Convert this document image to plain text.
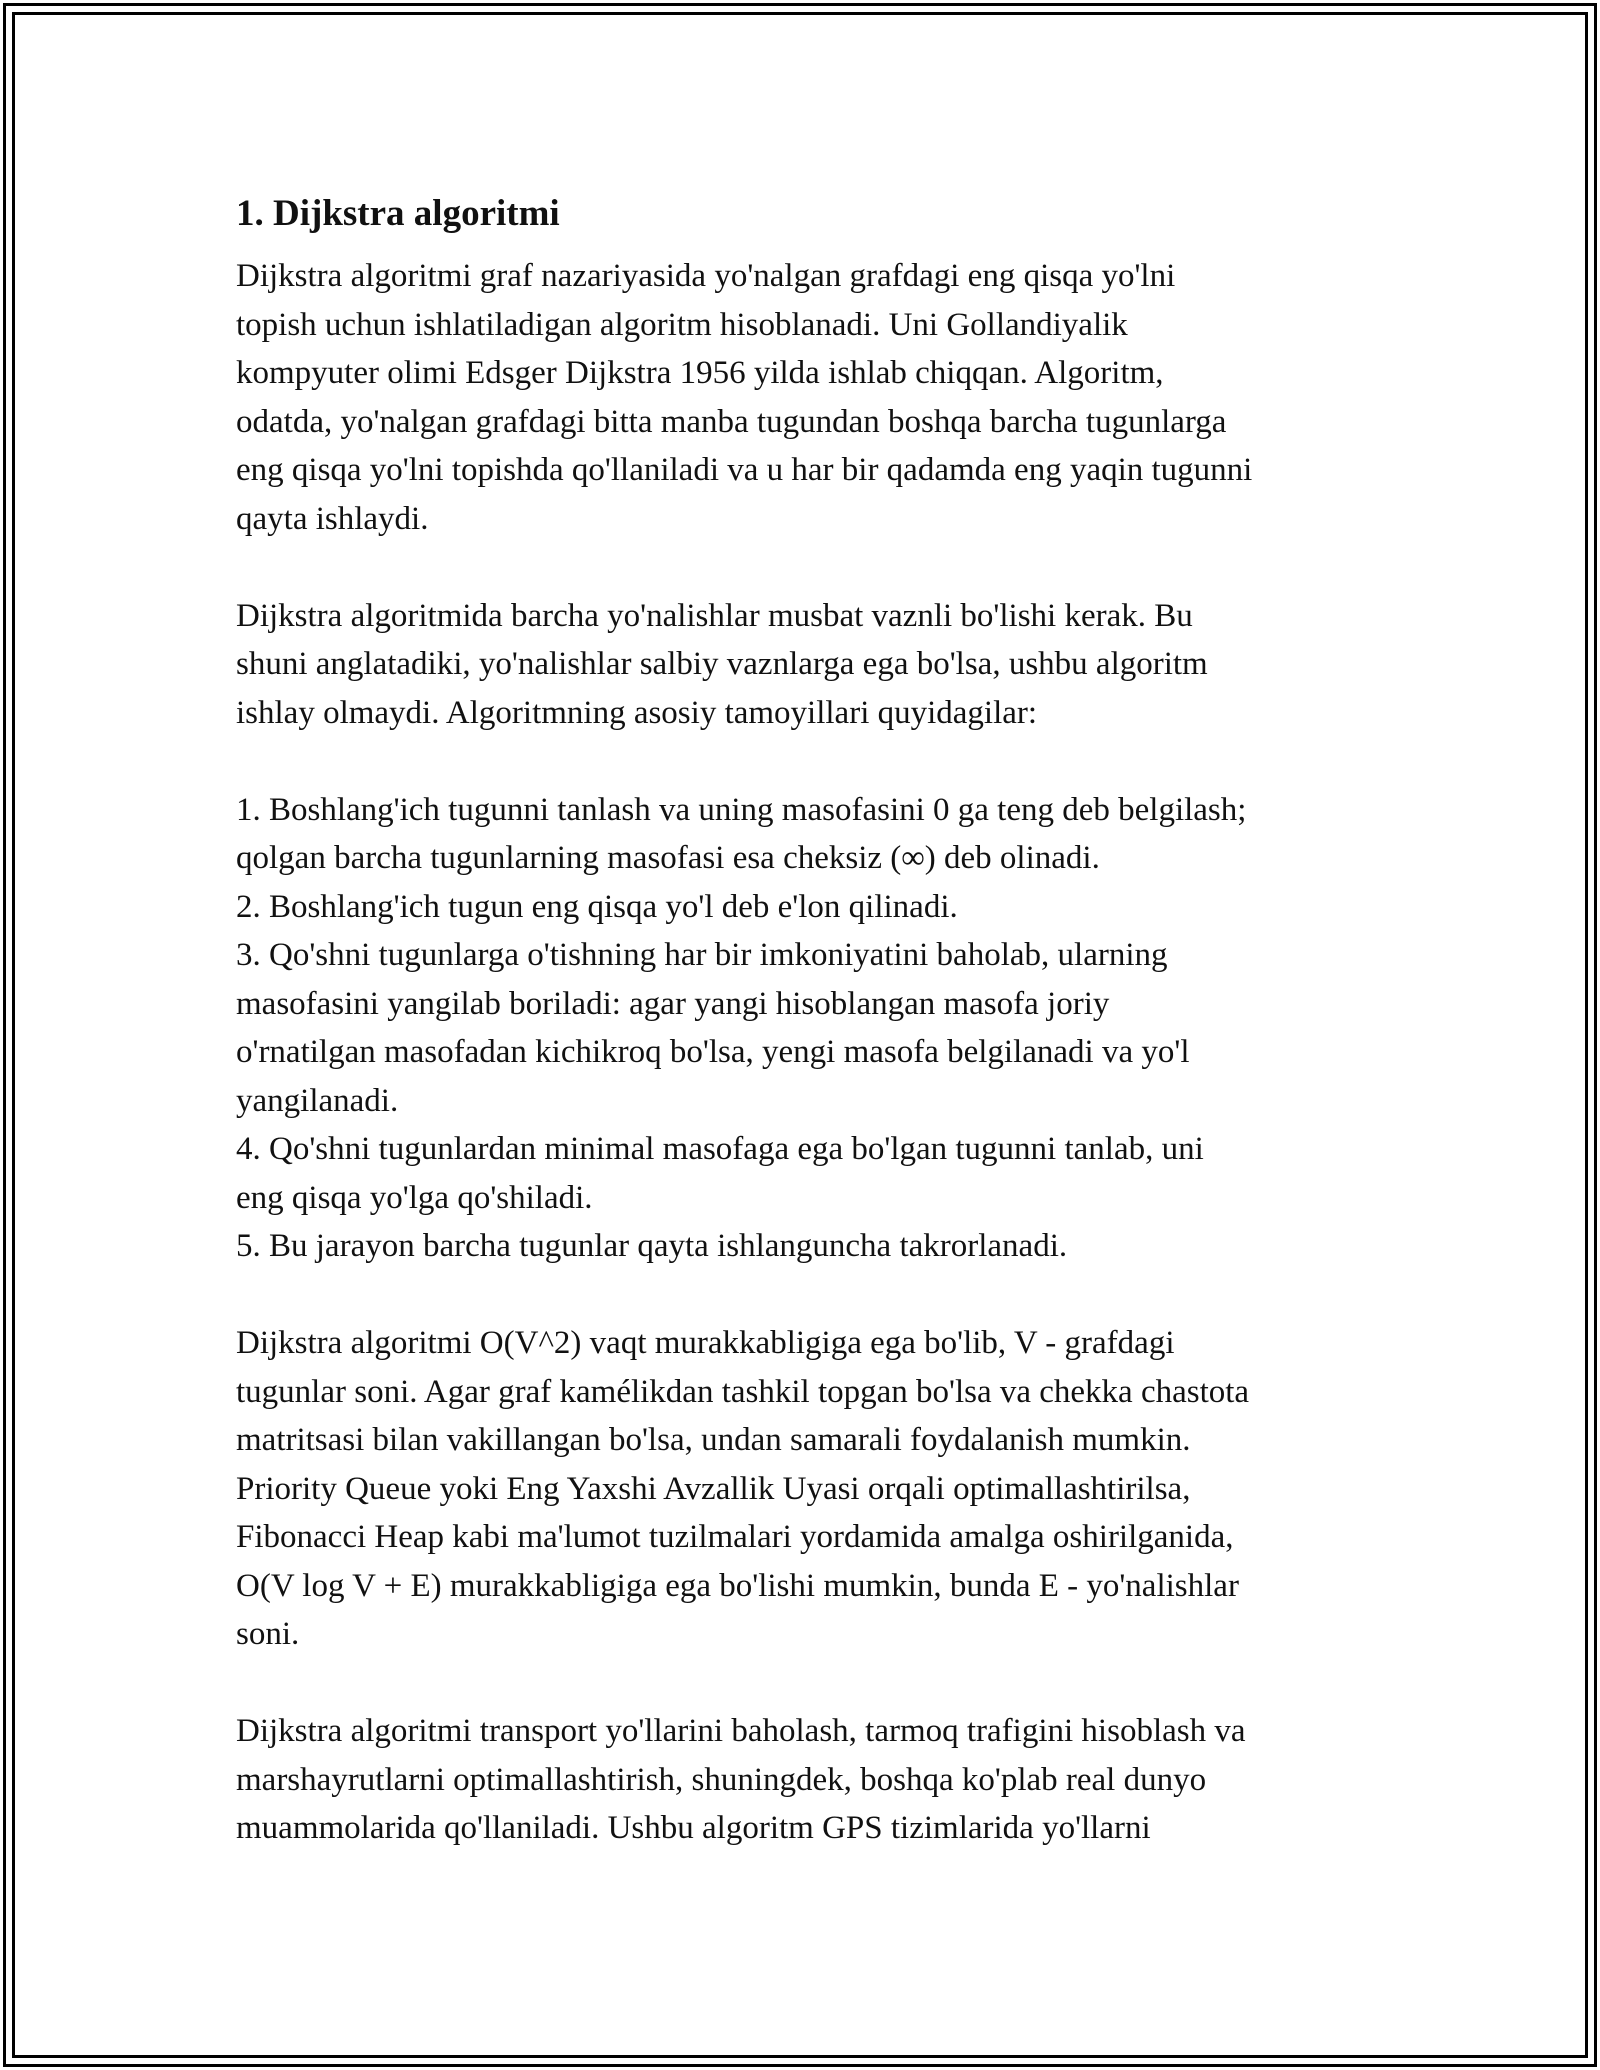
1. Dijkstra algoritmi

Dijkstra algoritmi graf nazariyasida yo'nalgan grafdagi eng qisqa yo'lni
topish uchun ishlatiladigan algoritm hisoblanadi. Uni Gollandiyalik
kompyuter olimi Edsger Dijkstra 1956 yilda ishlab chiqqan. Algoritm,
odatda, yo'nalgan grafdagi bitta manba tugundan boshqa barcha tugunlarga
eng qisqa yo'lni topishda qo'llaniladi va u har bir qadamda eng yaqin tugunni
qayta ishlaydi.

Dijkstra algoritmida barcha yo'nalishlar musbat vaznli bo'lishi kerak. Bu
shuni anglatadiki, yo'nalishlar salbiy vaznlarga ega bo'lsa, ushbu algoritm
ishlay olmaydi. Algoritmning asosiy tamoyillari quyidagilar:

1. Boshlang'ich tugunni tanlash va uning masofasini 0 ga teng deb belgilash;
qolgan barcha tugunlarning masofasi esa cheksiz (∞) deb olinadi.
2. Boshlang'ich tugun eng qisqa yo'l deb e'lon qilinadi.
3. Qo'shni tugunlarga o'tishning har bir imkoniyatini baholab, ularning
masofasini yangilab boriladi: agar yangi hisoblangan masofa joriy
o'rnatilgan masofadan kichikroq bo'lsa, yengi masofa belgilanadi va yo'l
yangilanadi.
4. Qo'shni tugunlardan minimal masofaga ega bo'lgan tugunni tanlab, uni
eng qisqa yo'lga qo'shiladi.
5. Bu jarayon barcha tugunlar qayta ishlanguncha takrorlanadi.

Dijkstra algoritmi O(V^2) vaqt murakkabligiga ega bo'lib, V - grafdagi
tugunlar soni. Agar graf kamélikdan tashkil topgan bo'lsa va chekka chastota
matritsasi bilan vakillangan bo'lsa, undan samarali foydalanish mumkin.
Priority Queue yoki Eng Yaxshi Avzallik Uyasi orqali optimallashtirilsa,
Fibonacci Heap kabi ma'lumot tuzilmalari yordamida amalga oshirilganida,
O(V log V + E) murakkabligiga ega bo'lishi mumkin, bunda E - yo'nalishlar
soni.

Dijkstra algoritmi transport yo'llarini baholash, tarmoq trafigini hisoblash va
marshayrutlarni optimallashtirish, shuningdek, boshqa ko'plab real dunyo
muammolarida qo'llaniladi. Ushbu algoritm GPS tizimlarida yo'llarni
